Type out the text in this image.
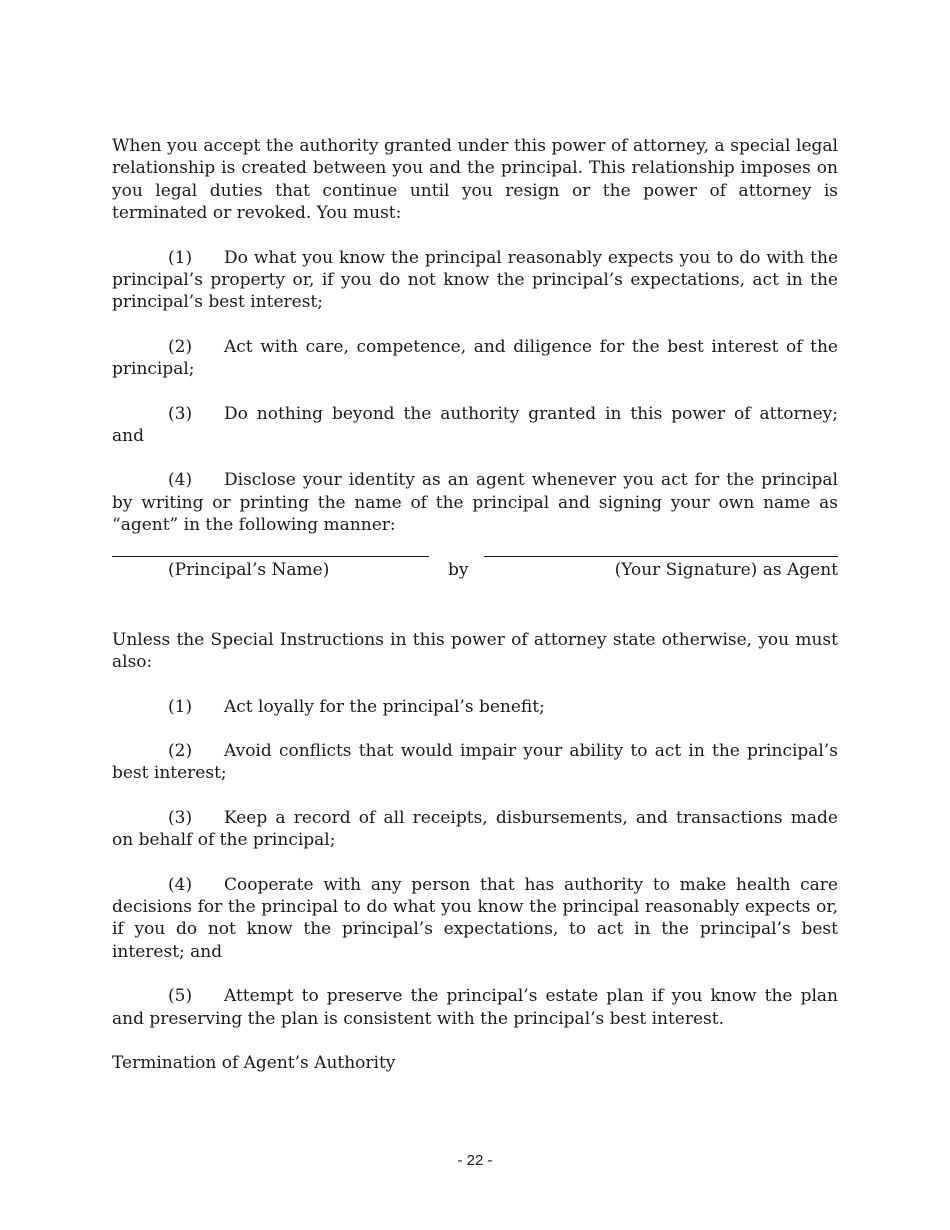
When you accept the authority granted under this power of attorney, a special legal relationship is created between you and the principal. This relationship imposes on you legal duties that continue until you resign or the power of attorney is terminated or revoked. You must:

(1) Do what you know the principal reasonably expects you to do with the principal’s property or, if you do not know the principal’s expectations, act in the principal’s best interest;

(2) Act with care, competence, and diligence for the best interest of the principal;

(3) Do nothing beyond the authority granted in this power of attorney; and

(4) Disclose your identity as an agent whenever you act for the principal by writing or printing the name of the principal and signing your own name as “agent” in the following manner:

(Principal’s Name)	by	(Your Signature) as Agent

Unless the Special Instructions in this power of attorney state otherwise, you must also:

(1) Act loyally for the principal’s benefit;

(2) Avoid conflicts that would impair your ability to act in the principal’s best interest;

(3) Keep a record of all receipts, disbursements, and transactions made on behalf of the principal;

(4) Cooperate with any person that has authority to make health care decisions for the principal to do what you know the principal reasonably expects or, if you do not know the principal’s expectations, to act in the principal’s best interest; and

(5) Attempt to preserve the principal’s estate plan if you know the plan and preserving the plan is consistent with the principal’s best interest.

Termination of Agent’s Authority

- 22 -
